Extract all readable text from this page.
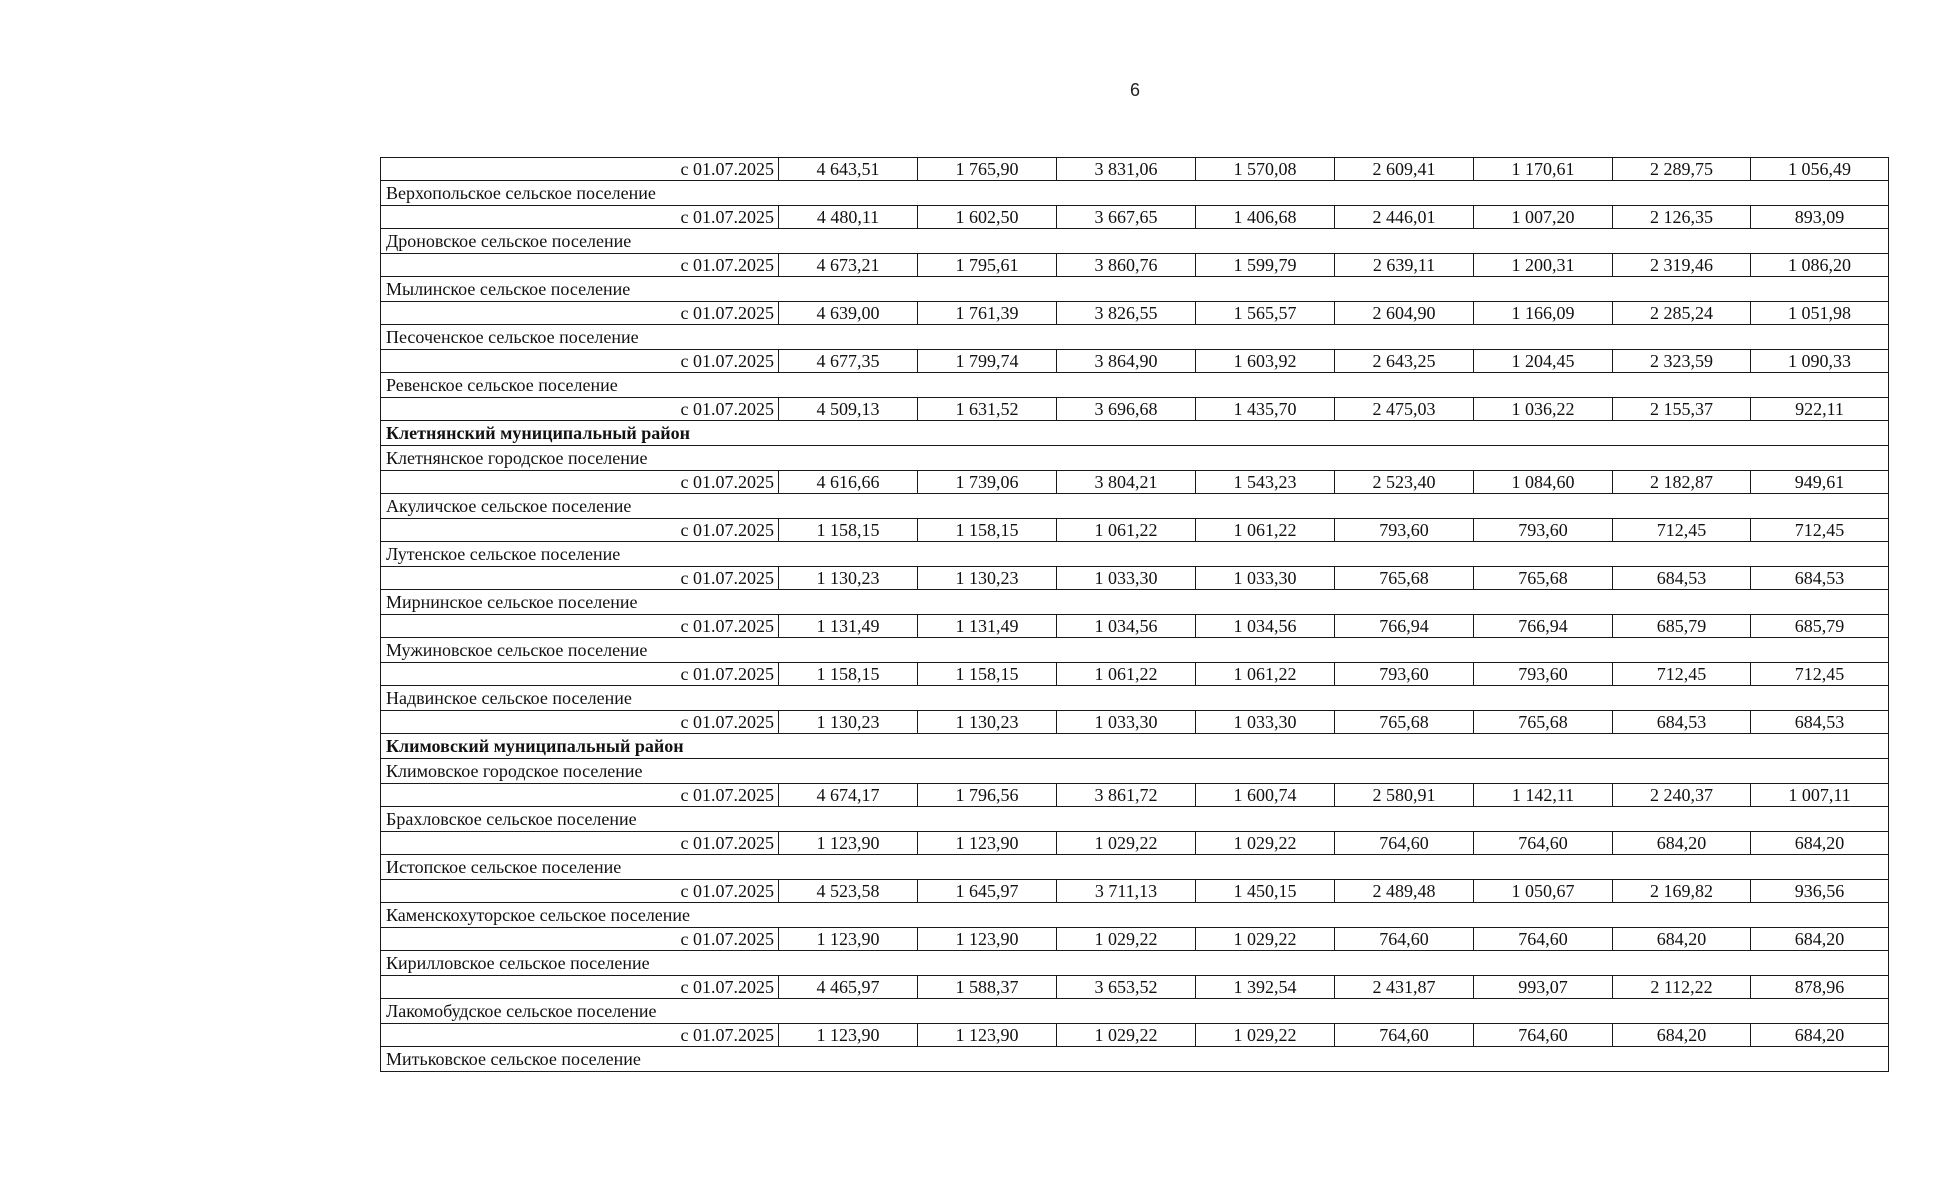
6
с 01.07.2025	4 643,51	1 765,90	3 831,06	1 570,08	2 609,41	1 170,61	2 289,75	1 056,49
Верхопольское сельское поселение								
с 01.07.2025	4 480,11	1 602,50	3 667,65	1 406,68	2 446,01	1 007,20	2 126,35	893,09
Дроновское сельское поселение								
с 01.07.2025	4 673,21	1 795,61	3 860,76	1 599,79	2 639,11	1 200,31	2 319,46	1 086,20
Мылинское сельское поселение								
с 01.07.2025	4 639,00	1 761,39	3 826,55	1 565,57	2 604,90	1 166,09	2 285,24	1 051,98
Песоченское сельское поселение								
с 01.07.2025	4 677,35	1 799,74	3 864,90	1 603,92	2 643,25	1 204,45	2 323,59	1 090,33
Ревенское сельское поселение								
с 01.07.2025	4 509,13	1 631,52	3 696,68	1 435,70	2 475,03	1 036,22	2 155,37	922,11
Клетнянский муниципальный район								
Клетнянское городское поселение								
с 01.07.2025	4 616,66	1 739,06	3 804,21	1 543,23	2 523,40	1 084,60	2 182,87	949,61
Акуличское сельское поселение								
с 01.07.2025	1 158,15	1 158,15	1 061,22	1 061,22	793,60	793,60	712,45	712,45
Лутенское сельское поселение								
с 01.07.2025	1 130,23	1 130,23	1 033,30	1 033,30	765,68	765,68	684,53	684,53
Мирнинское сельское поселение								
с 01.07.2025	1 131,49	1 131,49	1 034,56	1 034,56	766,94	766,94	685,79	685,79
Мужиновское сельское поселение								
с 01.07.2025	1 158,15	1 158,15	1 061,22	1 061,22	793,60	793,60	712,45	712,45
Надвинское сельское поселение								
с 01.07.2025	1 130,23	1 130,23	1 033,30	1 033,30	765,68	765,68	684,53	684,53
Климовский муниципальный район								
Климовское городское поселение								
с 01.07.2025	4 674,17	1 796,56	3 861,72	1 600,74	2 580,91	1 142,11	2 240,37	1 007,11
Брахловское сельское поселение								
с 01.07.2025	1 123,90	1 123,90	1 029,22	1 029,22	764,60	764,60	684,20	684,20
Истопское сельское поселение								
с 01.07.2025	4 523,58	1 645,97	3 711,13	1 450,15	2 489,48	1 050,67	2 169,82	936,56
Каменскохуторское сельское поселение								
с 01.07.2025	1 123,90	1 123,90	1 029,22	1 029,22	764,60	764,60	684,20	684,20
Кирилловское сельское поселение								
с 01.07.2025	4 465,97	1 588,37	3 653,52	1 392,54	2 431,87	993,07	2 112,22	878,96
Лакомобудское сельское поселение								
с 01.07.2025	1 123,90	1 123,90	1 029,22	1 029,22	764,60	764,60	684,20	684,20
Митьковское сельское поселение								
